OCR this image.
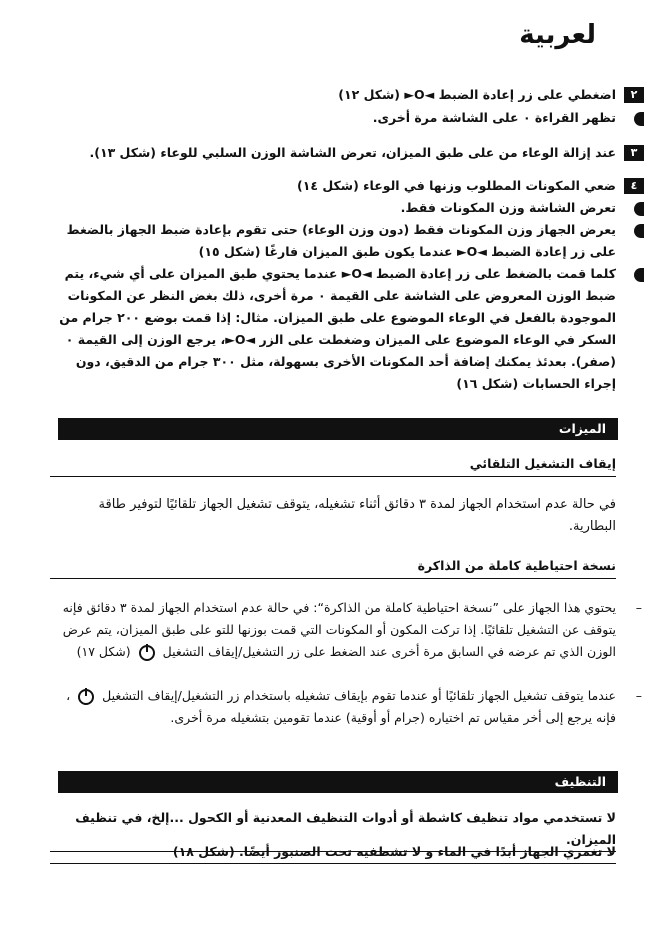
لعربية
٢
اضغطي على زر إعادة الضبط ◄O► (شكل ١٢)
تظهر القراءة ٠ على الشاشة مرة أخرى.
٣
عند إزالة الوعاء من على طبق الميزان، تعرض الشاشة الوزن السلبي للوعاء (شكل ١٣).
٤
ضعي المكونات المطلوب وزنها في الوعاء (شكل ١٤)
تعرض الشاشة وزن المكونات فقط.
يعرض الجهاز وزن المكونات فقط (دون وزن الوعاء) حتى تقوم بإعادة ضبط الجهاز بالضغط على زر إعادة الضبط ◄O► عندما يكون طبق الميزان فارغًا (شكل ١٥)
كلما قمت بالضغط على زر إعادة الضبط ◄O► عندما يحتوي طبق الميزان على أي شيء، يتم ضبط الوزن المعروض على الشاشة على القيمة ٠ مرة أخرى، ذلك بغض النظر عن المكونات الموجودة بالفعل في الوعاء الموضوع على طبق الميزان. مثال: إذا قمت بوضع ٢٠٠ جرام من السكر في الوعاء الموضوع على الميزان وضغطت على الزر ◄O►، يرجع الوزن إلى القيمة ٠ (صفر). بعدئذ يمكنك إضافة أحد المكونات الأخرى بسهولة، مثل ٣٠٠ جرام من الدقيق، دون إجراء الحسابات (شكل ١٦)
الميزات
إيقاف التشغيل التلقائي
في حالة عدم استخدام الجهاز لمدة ٣ دقائق أثناء تشغيله، يتوقف تشغيل الجهاز تلقائيًا لتوفير طاقة البطارية.
نسخة احتياطية كاملة من الذاكرة
–
يحتوي هذا الجهاز على ”نسخة احتياطية كاملة من الذاكرة“: في حالة عدم استخدام الجهاز لمدة ٣ دقائق فإنه يتوقف عن التشغيل تلقائيًا. إذا تركت المكون أو المكونات التي قمت بوزنها للتو على طبق الميزان، يتم عرض الوزن الذي تم عرضه في السابق مرة أخرى عند الضغط على زر التشغيل/إيقاف التشغيل  (شكل ١٧)
–
عندما يتوقف تشغيل الجهاز تلقائيًا أو عندما تقوم بإيقاف تشغيله باستخدام زر التشغيل/إيقاف التشغيل  ، فإنه يرجع إلى أخر مقياس تم اختياره (جرام أو أوقية) عندما تقومين بتشغيله مرة أخرى.
التنظيف
لا تستخدمي مواد تنظيف كاشطة أو أدوات التنظيف المعدنية أو الكحول ...إلخ، في تنظيف الميزان.
لا تغمري الجهاز أبدًا في الماء و لا تشطفيه تحت الصنبور أيضًا. (شكل ١٨)
